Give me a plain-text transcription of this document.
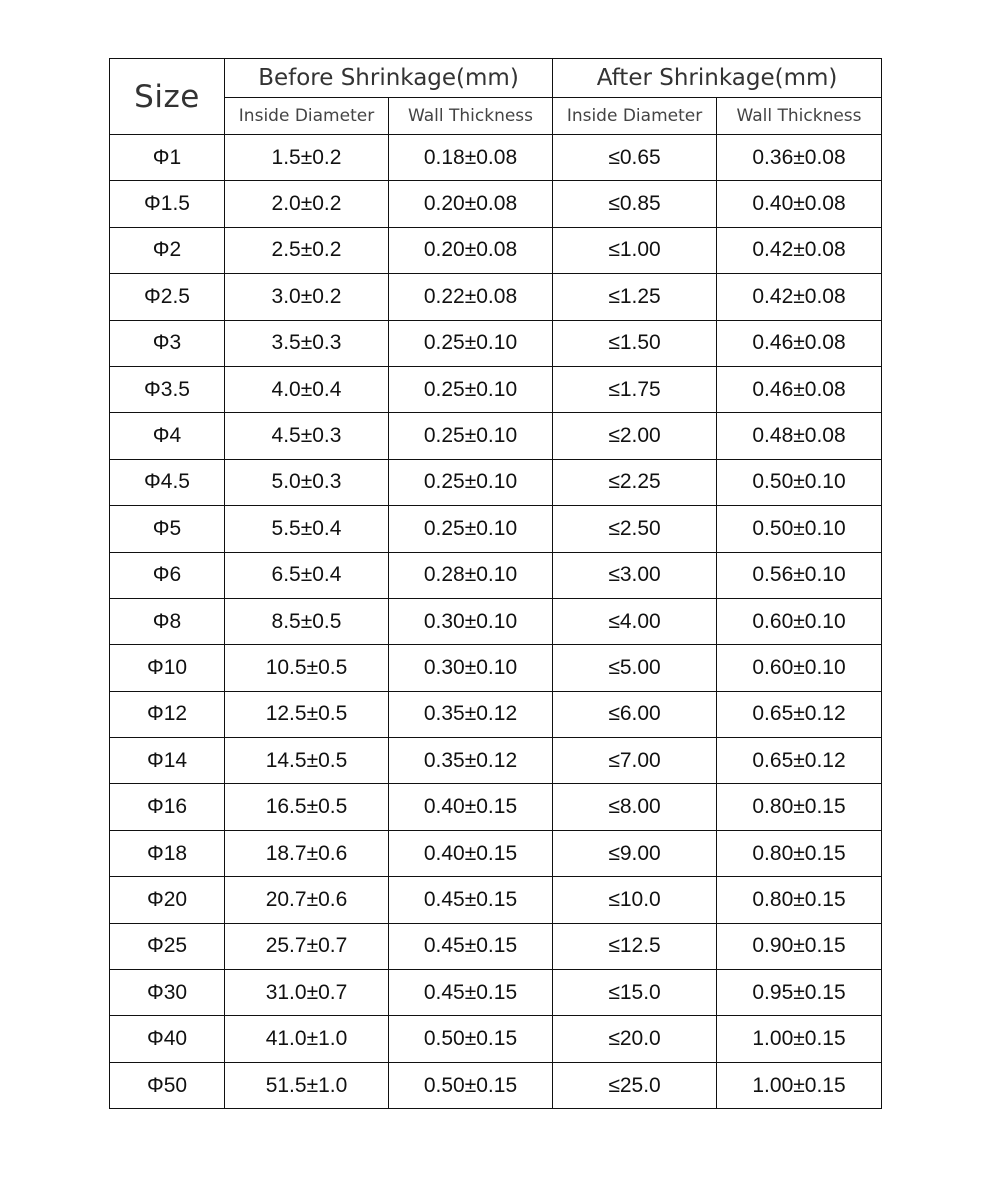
Size	Before Shrinkage(mm)		After Shrinkage(mm)	
	Inside Diameter	Wall Thickness	Inside Diameter	Wall Thickness
Φ1	1.5±0.2	0.18±0.08	≤0.65	0.36±0.08
Φ1.5	2.0±0.2	0.20±0.08	≤0.85	0.40±0.08
Φ2	2.5±0.2	0.20±0.08	≤1.00	0.42±0.08
Φ2.5	3.0±0.2	0.22±0.08	≤1.25	0.42±0.08
Φ3	3.5±0.3	0.25±0.10	≤1.50	0.46±0.08
Φ3.5	4.0±0.4	0.25±0.10	≤1.75	0.46±0.08
Φ4	4.5±0.3	0.25±0.10	≤2.00	0.48±0.08
Φ4.5	5.0±0.3	0.25±0.10	≤2.25	0.50±0.10
Φ5	5.5±0.4	0.25±0.10	≤2.50	0.50±0.10
Φ6	6.5±0.4	0.28±0.10	≤3.00	0.56±0.10
Φ8	8.5±0.5	0.30±0.10	≤4.00	0.60±0.10
Φ10	10.5±0.5	0.30±0.10	≤5.00	0.60±0.10
Φ12	12.5±0.5	0.35±0.12	≤6.00	0.65±0.12
Φ14	14.5±0.5	0.35±0.12	≤7.00	0.65±0.12
Φ16	16.5±0.5	0.40±0.15	≤8.00	0.80±0.15
Φ18	18.7±0.6	0.40±0.15	≤9.00	0.80±0.15
Φ20	20.7±0.6	0.45±0.15	≤10.0	0.80±0.15
Φ25	25.7±0.7	0.45±0.15	≤12.5	0.90±0.15
Φ30	31.0±0.7	0.45±0.15	≤15.0	0.95±0.15
Φ40	41.0±1.0	0.50±0.15	≤20.0	1.00±0.15
Φ50	51.5±1.0	0.50±0.15	≤25.0	1.00±0.15
